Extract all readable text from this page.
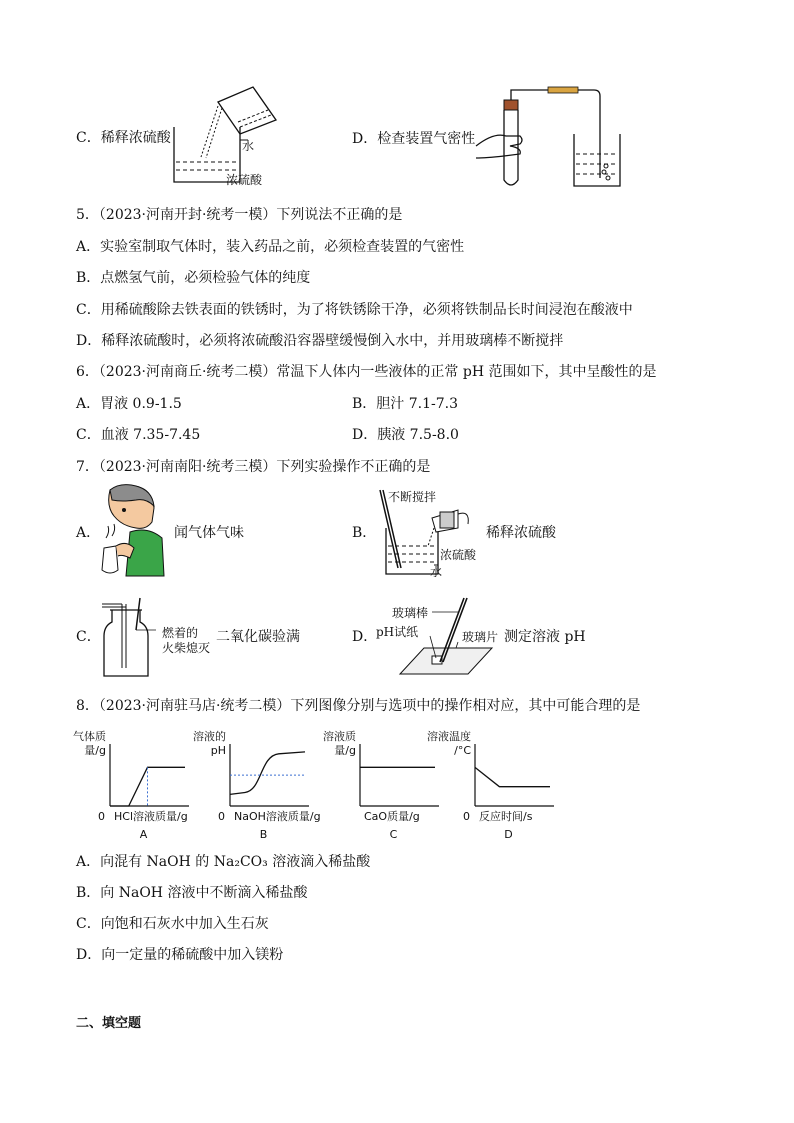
C．稀释浓硫酸	水
浓硫酸
D．检查装置气密性
5．（2023·河南开封·统考一模）下列说法不正确的是
A．实验室制取气体时，装入药品之前，必须检查装置的气密性
B．点燃氢气前，必须检验气体的纯度
C．用稀硫酸除去铁表面的铁锈时，为了将铁锈除干净，必须将铁制品长时间浸泡在酸液中
D．稀释浓硫酸时，必须将浓硫酸沿容器壁缓慢倒入水中，并用玻璃棒不断搅拌
6．（2023·河南商丘·统考二模）常温下人体内一些液体的正常 pH 范围如下，其中呈酸性的是
A．胃液 0.9-1.5	B．胆汁 7.1-7.3
C．血液 7.35-7.45	D．胰液 7.5-8.0
7．（2023·河南南阳·统考三模）下列实验操作不正确的是
A．	闻气体气味	B．
不断搅拌
稀释浓硫酸
浓硫酸
水
C．	燃着的
火柴熄灭
二氧化碳验满	D．
玻璃棒
pH试纸	玻璃片 测定溶液 pH
8．（2023·河南驻马店·统考二模）下列图像分别与选项中的操作相对应，其中可能合理的是
气体质
量/g
0 HCl溶液质量/g
A
溶液的
pH
0 NaOH溶液质量/g
B
溶液质
量/g
CaO质量/g
C
溶液温度
/°C
0 反应时间/s
D
A．向混有 NaOH 的 Na₂CO₃ 溶液滴入稀盐酸
B．向 NaOH 溶液中不断滴入稀盐酸
C．向饱和石灰水中加入生石灰
D．向一定量的稀硫酸中加入镁粉
二、填空题
